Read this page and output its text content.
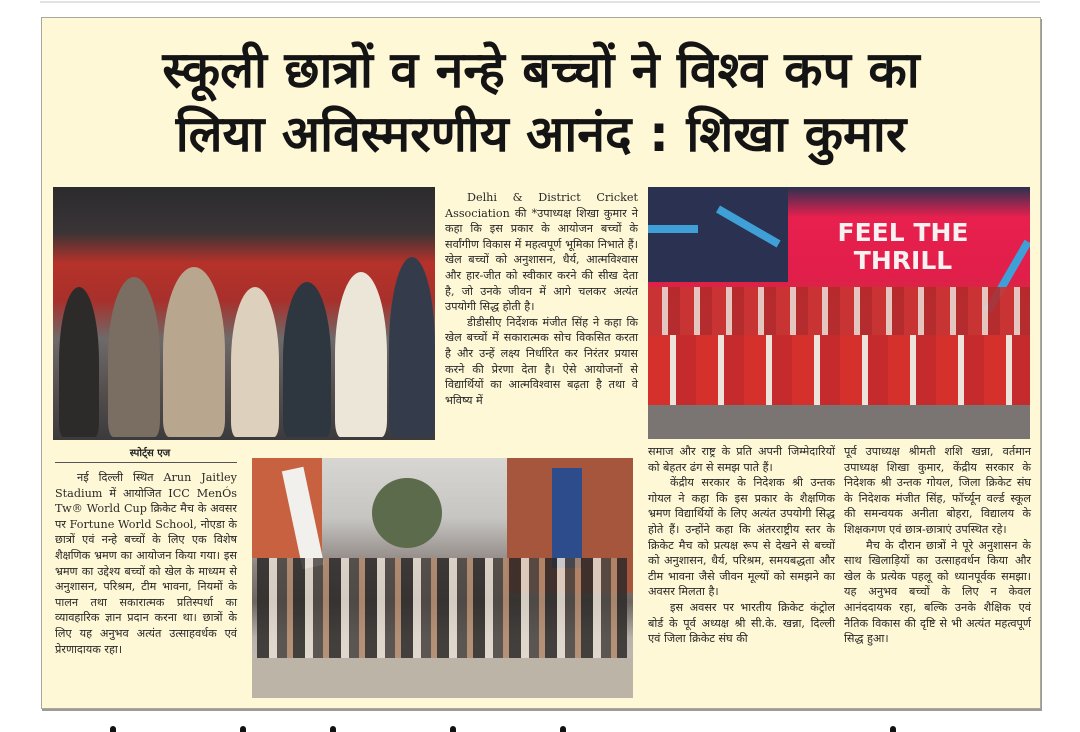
स्कूली छात्रों व नन्हे बच्चों ने विश्व कप का
लिया अविस्मरणीय आनंद : शिखा कुमार
FEEL THE
THRILL
स्पोर्ट्स एज

नई दिल्ली स्थित Arun Jaitley Stadium में आयोजित ICC MenÓs Tw® World Cup क्रिकेट मैच के अवसर पर Fortune World School, नोएडा के छात्रों एवं नन्हे बच्चों के लिए एक विशेष शैक्षणिक भ्रमण का आयोजन किया गया। इस भ्रमण का उद्देश्य बच्चों को खेल के माध्यम से अनुशासन, परिश्रम, टीम भावना, नियमों के पालन तथा सकारात्मक प्रतिस्पर्धा का व्यावहारिक ज्ञान प्रदान करना था। छात्रों के लिए यह अनुभव अत्यंत उत्साहवर्धक एवं प्रेरणादायक रहा।

Delhi & District Cricket Association की *उपाध्यक्ष शिखा कुमार ने कहा कि इस प्रकार के आयोजन बच्चों के सर्वांगीण विकास में महत्वपूर्ण भूमिका निभाते हैं। खेल बच्चों को अनुशासन, धैर्य, आत्मविश्वास और हार-जीत को स्वीकार करने की सीख देता है, जो उनके जीवन में आगे चलकर अत्यंत उपयोगी सिद्ध होती है।

डीडीसीए निर्देशक मंजीत सिंह ने कहा कि खेल बच्चों में सकारात्मक सोच विकसित करता है और उन्हें लक्ष्य निर्धारित कर निरंतर प्रयास करने की प्रेरणा देता है। ऐसे आयोजनों से विद्यार्थियों का आत्मविश्वास बढ़ता है तथा वे भविष्य में

समाज और राष्ट्र के प्रति अपनी जिम्मेदारियों को बेहतर ढंग से समझ पाते हैं।

केंद्रीय सरकार के निदेशक श्री उन्तक गोयल ने कहा कि इस प्रकार के शैक्षणिक भ्रमण विद्यार्थियों के लिए अत्यंत उपयोगी सिद्ध होते हैं। उन्होंने कहा कि अंतरराष्ट्रीय स्तर के क्रिकेट मैच को प्रत्यक्ष रूप से देखने से बच्चों को अनुशासन, धैर्य, परिश्रम, समयबद्धता और टीम भावना जैसे जीवन मूल्यों को समझने का अवसर मिलता है।

इस अवसर पर भारतीय क्रिकेट कंट्रोल बोर्ड के पूर्व अध्यक्ष श्री सी.के. खन्ना, दिल्ली एवं जिला क्रिकेट संघ की

पूर्व उपाध्यक्ष श्रीमती शशि खन्ना, वर्तमान उपाध्यक्ष शिखा कुमार, केंद्रीय सरकार के निदेशक श्री उन्तक गोयल, जिला क्रिकेट संघ के निदेशक मंजीत सिंह, फॉर्च्यून वर्ल्ड स्कूल की समन्वयक अनीता बोहरा, विद्यालय के शिक्षकगण एवं छात्र-छात्राएं उपस्थित रहे।

मैच के दौरान छात्रों ने पूरे अनुशासन के साथ खिलाड़ियों का उत्साहवर्धन किया और खेल के प्रत्येक पहलू को ध्यानपूर्वक समझा। यह अनुभव बच्चों के लिए न केवल आनंददायक रहा, बल्कि उनके शैक्षिक एवं नैतिक विकास की दृष्टि से भी अत्यंत महत्वपूर्ण सिद्ध हुआ।
